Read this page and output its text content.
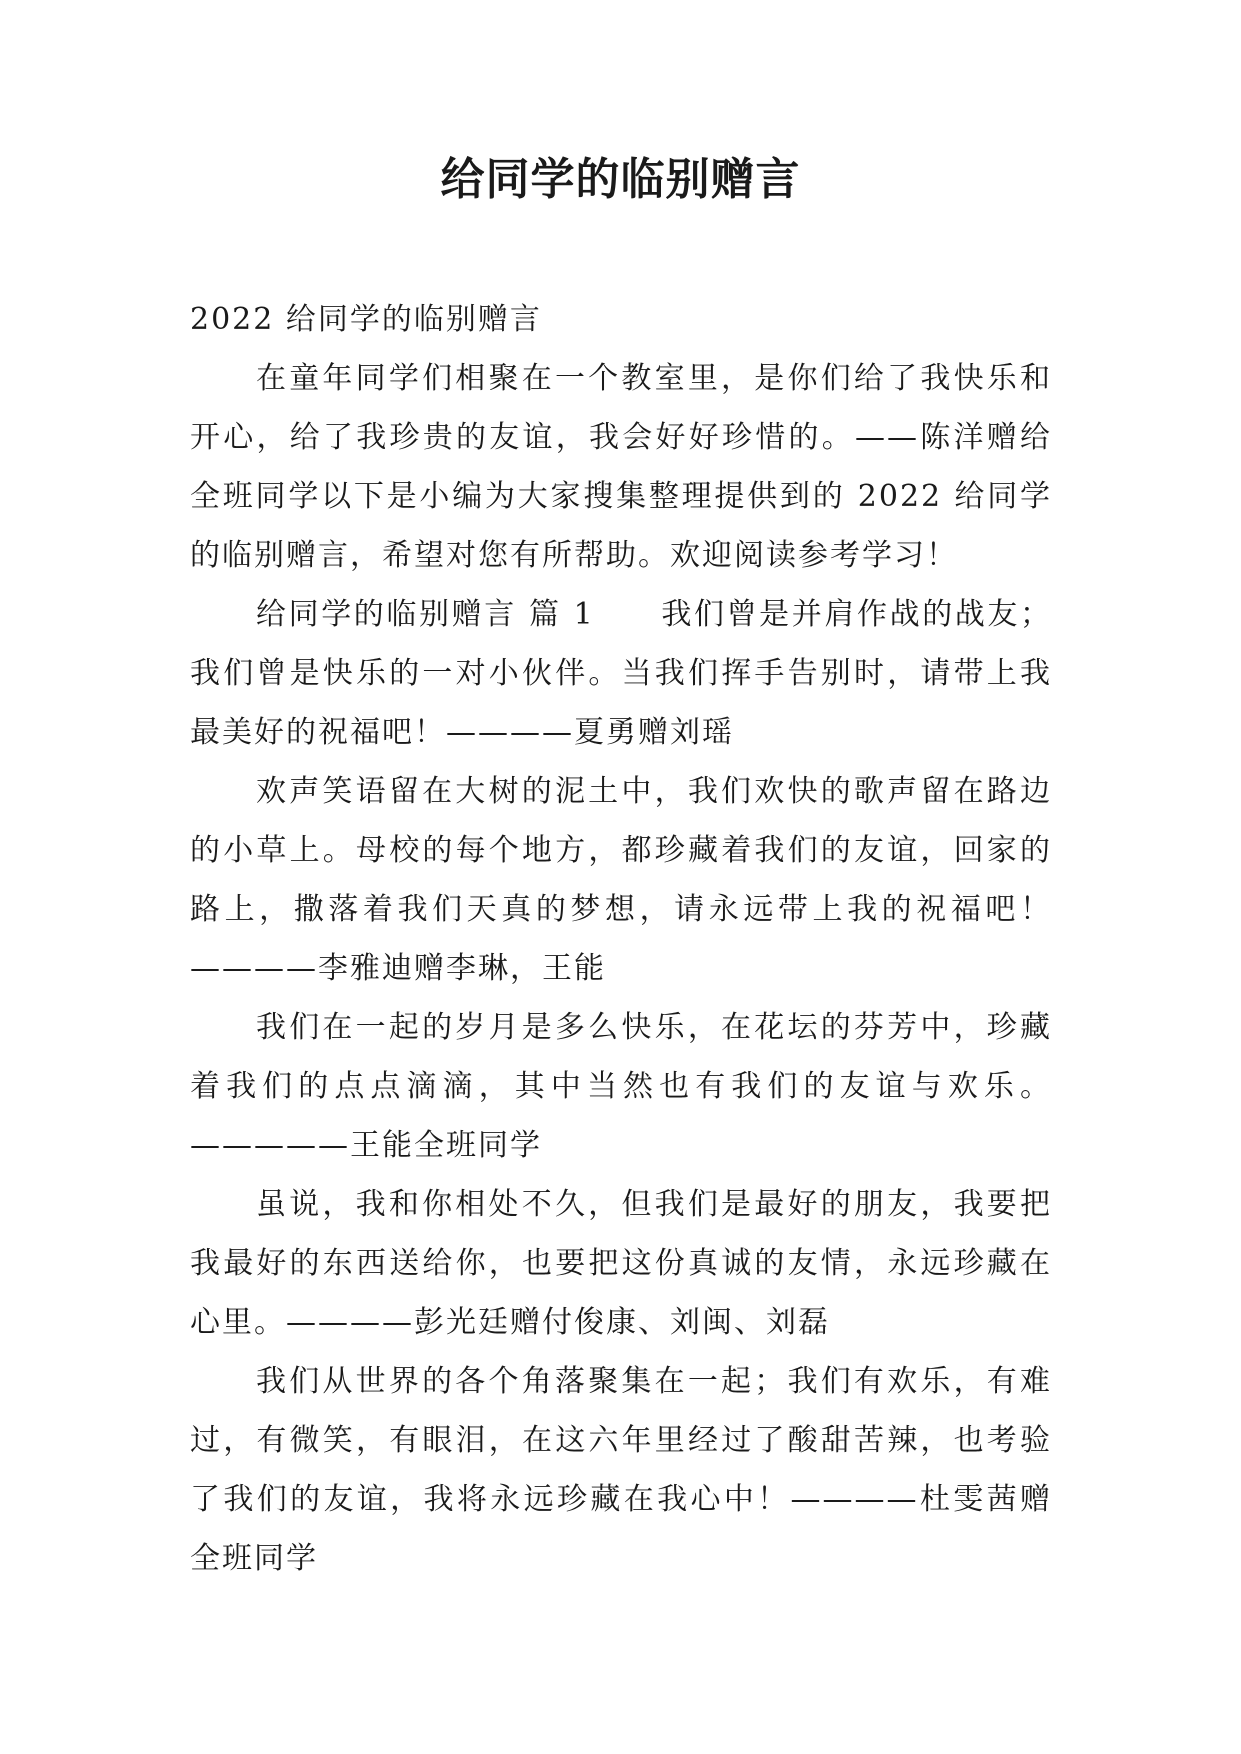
给同学的临别赠言

2022 给同学的临别赠言

在童年同学们相聚在一个教室里，是你们给了我快乐和开心，给了我珍贵的友谊，我会好好珍惜的。——陈洋赠给全班同学以下是小编为大家搜集整理提供到的 2022 给同学的临别赠言，希望对您有所帮助。欢迎阅读参考学习！

给同学的临别赠言 篇 1 我们曾是并肩作战的战友；我们曾是快乐的一对小伙伴。当我们挥手告别时，请带上我最美好的祝福吧！————夏勇赠刘瑶

欢声笑语留在大树的泥土中，我们欢快的歌声留在路边的小草上。母校的每个地方，都珍藏着我们的友谊，回家的路上，撒落着我们天真的梦想，请永远带上我的祝福吧！————李雅迪赠李琳，王能

我们在一起的岁月是多么快乐，在花坛的芬芳中，珍藏着我们的点点滴滴，其中当然也有我们的友谊与欢乐。—————王能全班同学

虽说，我和你相处不久，但我们是最好的朋友，我要把我最好的东西送给你，也要把这份真诚的友情，永远珍藏在心里。————彭光廷赠付俊康、刘闽、刘磊

我们从世界的各个角落聚集在一起；我们有欢乐，有难过，有微笑，有眼泪，在这六年里经过了酸甜苦辣，也考验了我们的友谊，我将永远珍藏在我心中！————杜雯茜赠全班同学
